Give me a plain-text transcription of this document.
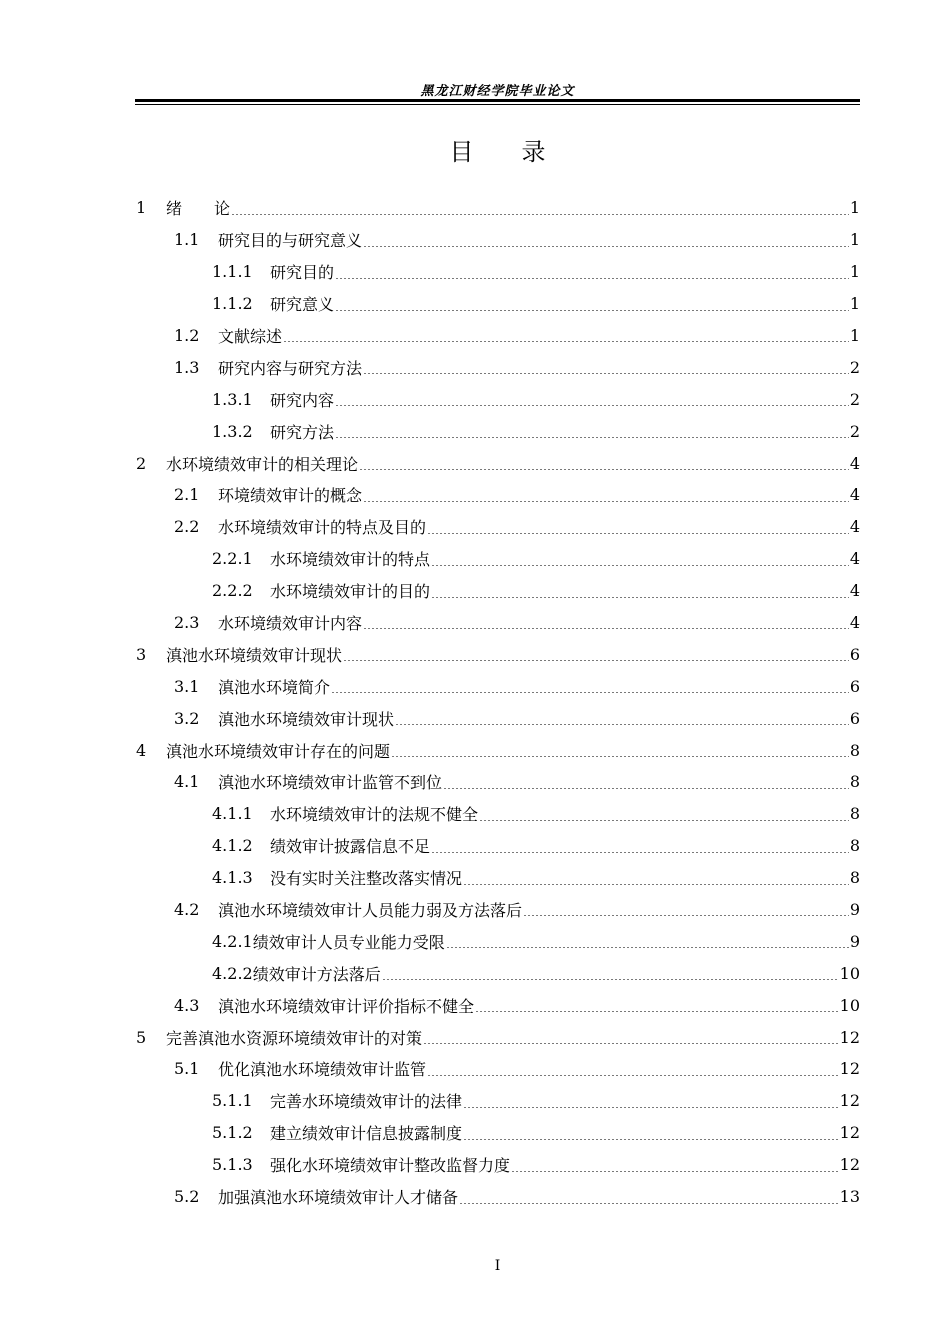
黑龙江财经学院毕业论文
目 录
1	绪　　论	1
1.1	研究目的与研究意义	1
1.1.1	研究目的	1
1.1.2	研究意义	1
1.2	文献综述	1
1.3	研究内容与研究方法	2
1.3.1	研究内容	2
1.3.2	研究方法	2
2	水环境绩效审计的相关理论	4
2.1	环境绩效审计的概念	4
2.2	水环境绩效审计的特点及目的	4
2.2.1	水环境绩效审计的特点	4
2.2.2	水环境绩效审计的目的	4
2.3	水环境绩效审计内容	4
3	滇池水环境绩效审计现状	6
3.1	滇池水环境简介	6
3.2	滇池水环境绩效审计现状	6
4	滇池水环境绩效审计存在的问题	8
4.1	滇池水环境绩效审计监管不到位	8
4.1.1	水环境绩效审计的法规不健全	8
4.1.2	绩效审计披露信息不足	8
4.1.3	没有实时关注整改落实情况	8
4.2	滇池水环境绩效审计人员能力弱及方法落后	9
4.2.1 绩效审计人员专业能力受限	9
4.2.2 绩效审计方法落后	10
4.3	滇池水环境绩效审计评价指标不健全	10
5	完善滇池水资源环境绩效审计的对策	12
5.1	优化滇池水环境绩效审计监管	12
5.1.1	完善水环境绩效审计的法律	12
5.1.2	建立绩效审计信息披露制度	12
5.1.3	强化水环境绩效审计整改监督力度	12
5.2	加强滇池水环境绩效审计人才储备	13
I
